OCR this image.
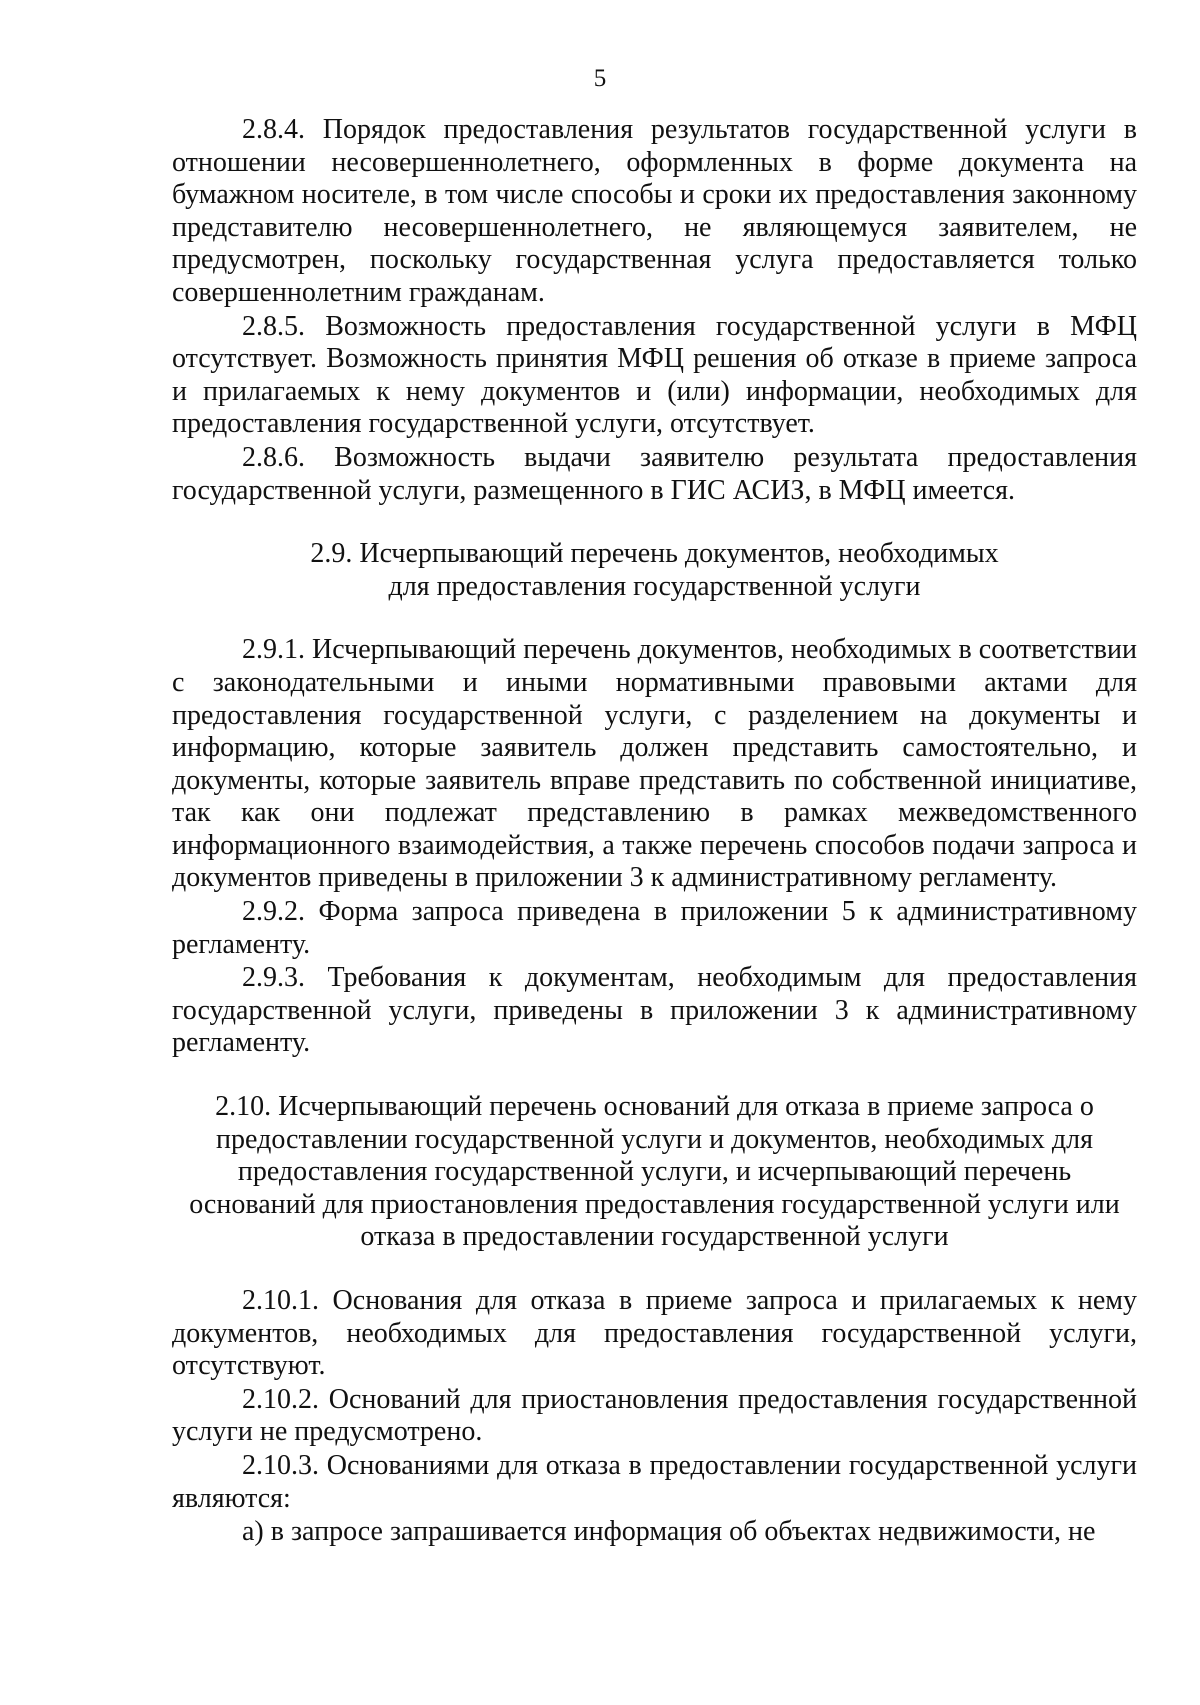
5

2.8.4. Порядок предоставления результатов государственной услуги в отношении несовершеннолетнего, оформленных в форме документа на бумажном носителе, в том числе способы и сроки их предоставления законному представителю несовершеннолетнего, не являющемуся заявителем, не предусмотрен, поскольку государственная услуга предоставляется только совершеннолетним гражданам.

2.8.5. Возможность предоставления государственной услуги в МФЦ отсутствует. Возможность принятия МФЦ решения об отказе в приеме запроса и прилагаемых к нему документов и (или) информации, необходимых для предоставления государственной услуги, отсутствует.

2.8.6. Возможность выдачи заявителю результата предоставления государственной услуги, размещенного в ГИС АСИЗ, в МФЦ имеется.

2.9. Исчерпывающий перечень документов, необходимых
для предоставления государственной услуги

2.9.1. Исчерпывающий перечень документов, необходимых в соответствии с законодательными и иными нормативными правовыми актами для предоставления государственной услуги, с разделением на документы и информацию, которые заявитель должен представить самостоятельно, и документы, которые заявитель вправе представить по собственной инициативе, так как они подлежат представлению в рамках межведомственного информационного взаимодействия, а также перечень способов подачи запроса и документов приведены в приложении 3 к административному регламенту.

2.9.2. Форма запроса приведена в приложении 5 к административному регламенту.

2.9.3. Требования к документам, необходимым для предоставления государственной услуги, приведены в приложении 3 к административному регламенту.

2.10. Исчерпывающий перечень оснований для отказа в приеме запроса о
предоставлении государственной услуги и документов, необходимых для
предоставления государственной услуги, и исчерпывающий перечень
оснований для приостановления предоставления государственной услуги или
отказа в предоставлении государственной услуги

2.10.1. Основания для отказа в приеме запроса и прилагаемых к нему документов, необходимых для предоставления государственной услуги, отсутствуют.

2.10.2. Оснований для приостановления предоставления государственной услуги не предусмотрено.

2.10.3. Основаниями для отказа в предоставлении государственной услуги являются:

а) в запросе запрашивается информация об объектах недвижимости, не
